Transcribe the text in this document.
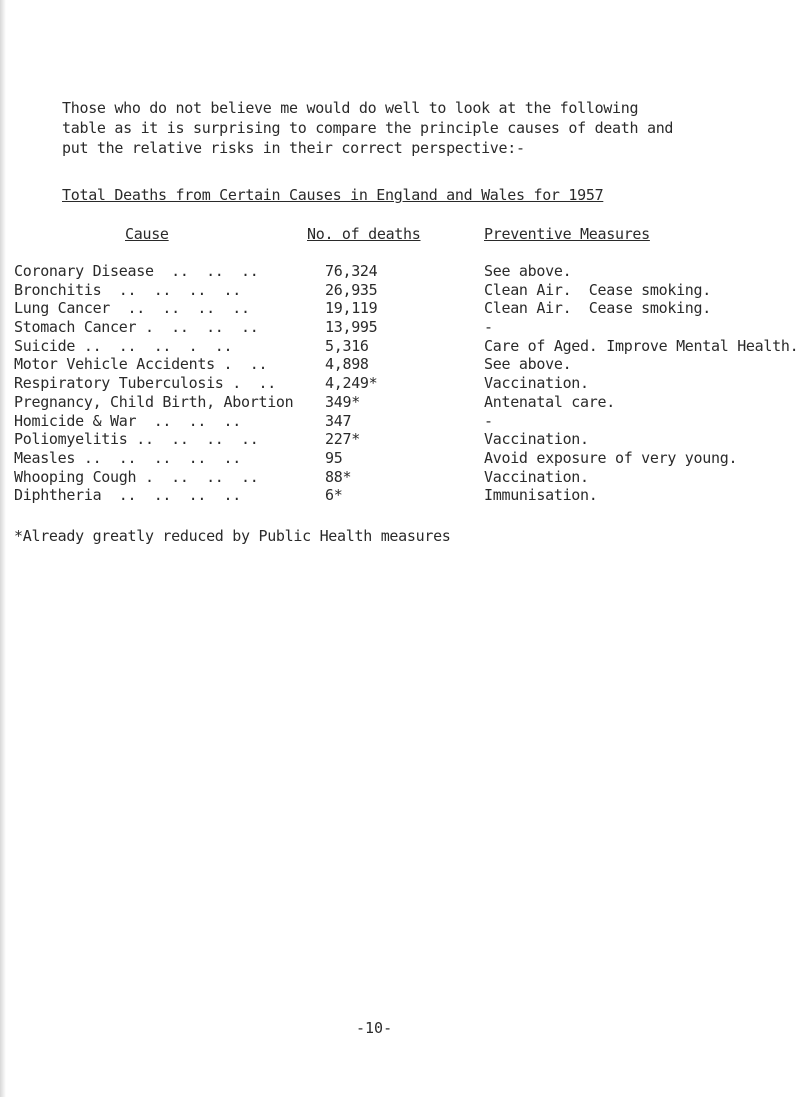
Those who do not believe me would do well to look at the following
table as it is surprising to compare the principle causes of death and
put the relative risks in their correct perspective:-
Total Deaths from Certain Causes in England and Wales for 1957
Cause	No. of deaths	Preventive Measures
Coronary Disease  ..  ..  ..	76,324	See above.
Bronchitis  ..  ..  ..  ..	26,935	Clean Air.  Cease smoking.
Lung Cancer  ..  ..  ..  ..	19,119	Clean Air.  Cease smoking.
Stomach Cancer .  ..  ..  ..	13,995	-
Suicide ..  ..  ..  .  ..	5,316	Care of Aged. Improve Mental Health.
Motor Vehicle Accidents .  ..	4,898	See above.
Respiratory Tuberculosis .  ..	4,249*	Vaccination.
Pregnancy, Child Birth, Abortion 349*	Antenatal care.
Homicide & War  ..  ..  ..	347	-
Poliomyelitis ..  ..  ..  ..	227*	Vaccination.
Measles ..  ..  ..  ..  ..	95	Avoid exposure of very young.
Whooping Cough .  ..  ..  ..	88*	Vaccination.
Diphtheria  ..  ..  ..  ..	6*	Immunisation.
*Already greatly reduced by Public Health measures
-10-
